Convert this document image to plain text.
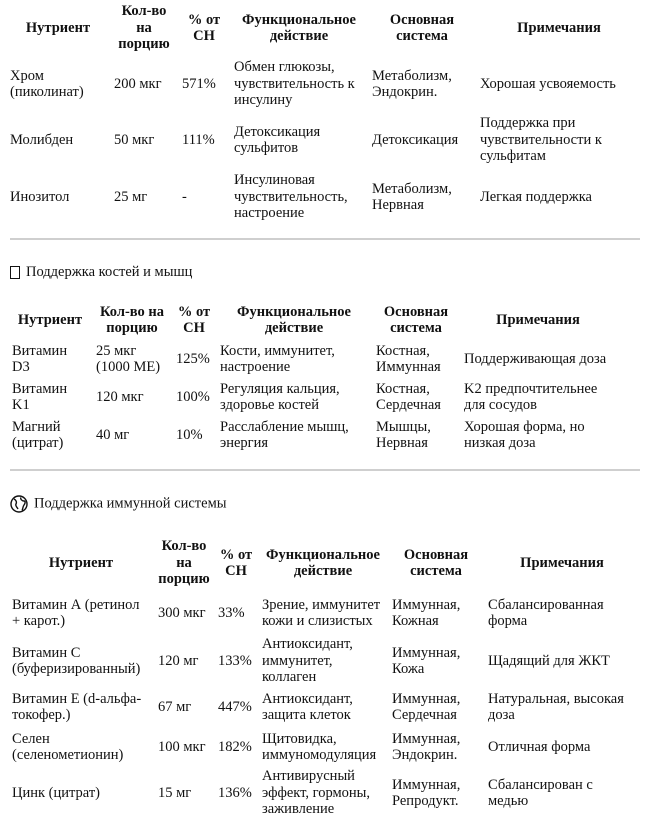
Нутриент	Кол-во на порцию	% от СН	Функциональное действие	Основная система	Примечания
Хром (пиколинат)	200 мкг	571%	Обмен глюкозы, чувствительность к инсулину	Метаболизм, Эндокрин.	Хорошая усвояемость
Молибден	50 мкг	111%	Детоксикация сульфитов	Детоксикация	Поддержка при чувствительности к сульфитам
Инозитол	25 мг	-	Инсулиновая чувствительность, настроение	Метаболизм, Нервная	Легкая поддержка
Поддержка костей и мышц
Нутриент	Кол-во на порцию	% от СН	Функциональное действие	Основная система	Примечания
Витамин D3	25 мкг (1000 МЕ)	125%	Кости, иммунитет, настроение	Костная, Иммунная	Поддерживающая доза
Витамин K1	120 мкг	100%	Регуляция кальция, здоровье костей	Костная, Сердечная	K2 предпочтительнее для сосудов
Магний (цитрат)	40 мг	10%	Расслабление мышц, энергия	Мышцы, Нервная	Хорошая форма, но низкая доза
Поддержка иммунной системы
Нутриент	Кол-во на порцию	% от СН	Функциональное действие	Основная система	Примечания
Витамин А (ретинол + карот.)	300 мкг	33%	Зрение, иммунитет кожи и слизистых	Иммунная, Кожная	Сбалансированная форма
Витамин С (буферизированный)	120 мг	133%	Антиоксидант, иммунитет, коллаген	Иммунная, Кожа	Щадящий для ЖКТ
Витамин Е (d-альфа-токофер.)	67 мг	447%	Антиоксидант, защита клеток	Иммунная, Сердечная	Натуральная, высокая доза
Селен (селенометионин)	100 мкг	182%	Щитовидка, иммуномодуляция	Иммунная, Эндокрин.	Отличная форма
Цинк (цитрат)	15 мг	136%	Антивирусный эффект, гормоны, заживление	Иммунная, Репродукт.	Сбалансирован с медью
